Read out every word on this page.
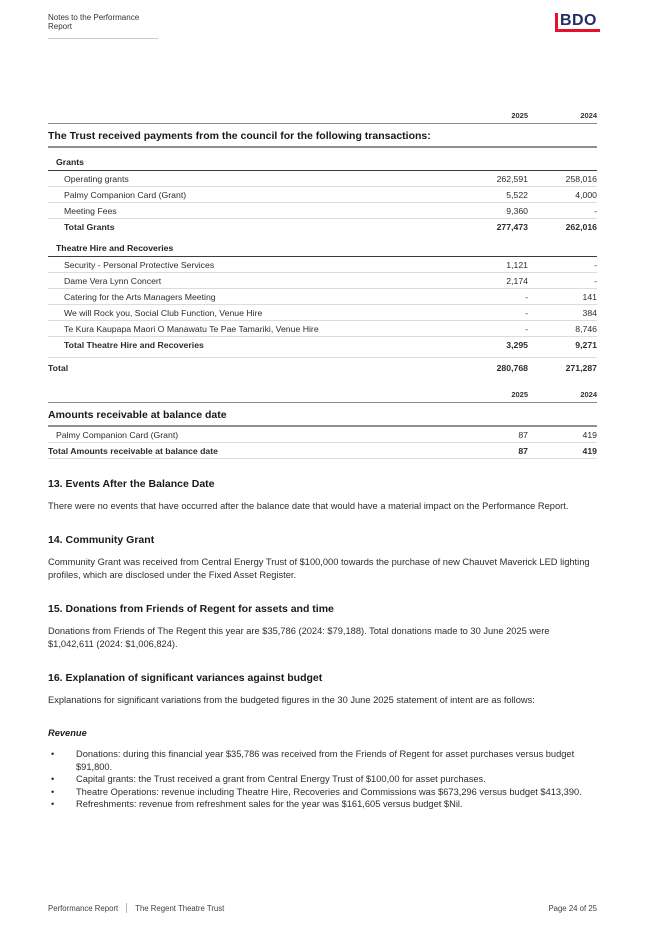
Notes to the Performance Report	BDO
2025	2024
The Trust received payments from the council for the following transactions:
Grants
Operating grants	262,591	258,016
Palmy Companion Card (Grant)	5,522	4,000
Meeting Fees	9,360	-
Total Grants	277,473	262,016
Theatre Hire and Recoveries
Security - Personal Protective Services	1,121	-
Dame Vera Lynn Concert	2,174	-
Catering for the Arts Managers Meeting	-	141
We will Rock you, Social Club Function, Venue Hire	-	384
Te Kura Kaupapa Maori O Manawatu Te Pae Tamariki, Venue Hire	-	8,746
Total Theatre Hire and Recoveries	3,295	9,271
Total	280,768	271,287
2025	2024
Amounts receivable at balance date
Palmy Companion Card (Grant)	87	419
Total Amounts receivable at balance date	87	419
13. Events After the Balance Date

There were no events that have occurred after the balance date that would have a material impact on the Performance Report.

14. Community Grant

Community Grant was received from Central Energy Trust of $100,000 towards the purchase of new Chauvet Maverick LED lighting profiles, which are disclosed under the Fixed Asset Register.

15. Donations from Friends of Regent for assets and time

Donations from Friends of The Regent this year are $35,786 (2024: $79,188). Total donations made to 30 June 2025 were $1,042,611 (2024: $1,006,824).

16. Explanation of significant variances against budget

Explanations for significant variations from the budgeted figures in the 30 June 2025 statement of intent are as follows:

Revenue
•	Donations: during this financial year $35,786 was received from the Friends of Regent for asset purchases versus budget $91,800.
•	Capital grants: the Trust received a grant from Central Energy Trust of $100,00 for asset purchases.
•	Theatre Operations: revenue including Theatre Hire, Recoveries and Commissions was $673,296 versus budget $413,390.
•	Refreshments: revenue from refreshment sales for the year was $161,605 versus budget $Nil.
Performance Report The Regent Theatre Trust	Page 24 of 25
